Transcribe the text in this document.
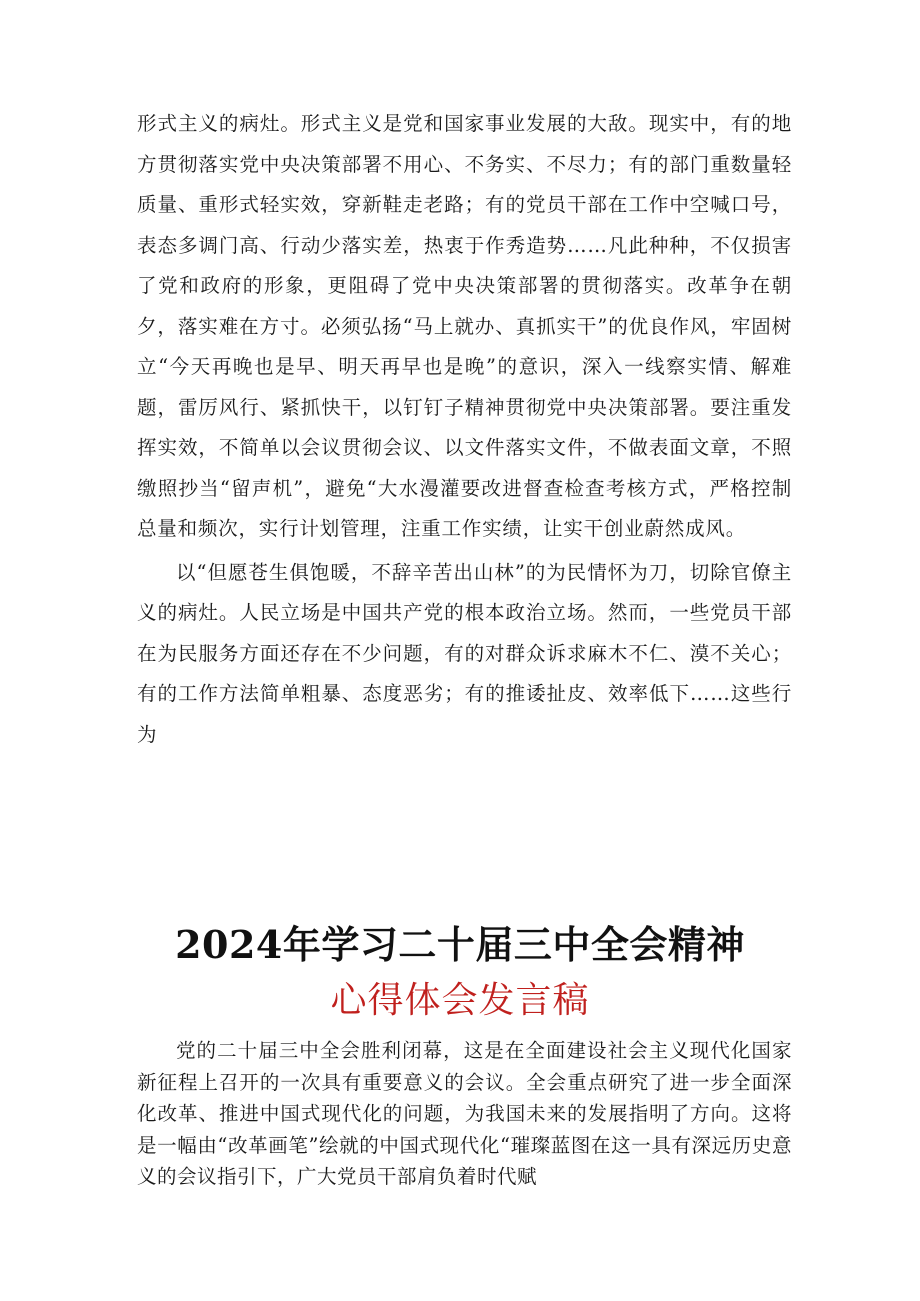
形式主义的病灶。形式主义是党和国家事业发展的大敌。现实中，有的地方贯彻落实党中央决策部署不用心、不务实、不尽力；有的部门重数量轻质量、重形式轻实效，穿新鞋走老路；有的党员干部在工作中空喊口号，表态多调门高、行动少落实差，热衷于作秀造势……凡此种种，不仅损害了党和政府的形象，更阻碍了党中央决策部署的贯彻落实。改革争在朝夕，落实难在方寸。必须弘扬“马上就办、真抓实干”的优良作风，牢固树立“今天再晚也是早、明天再早也是晚”的意识，深入一线察实情、解难题，雷厉风行、紧抓快干，以钉钉子精神贯彻党中央决策部署。要注重发挥实效，不简单以会议贯彻会议、以文件落实文件，不做表面文章，不照缴照抄当“留声机”，避免“大水漫灌要改进督查检查考核方式，严格控制总量和频次，实行计划管理，注重工作实绩，让实干创业蔚然成风。

以“但愿苍生俱饱暖，不辞辛苦出山林”的为民情怀为刀，切除官僚主义的病灶。人民立场是中国共产党的根本政治立场。然而，一些党员干部在为民服务方面还存在不少问题，有的对群众诉求麻木不仁、漠不关心；有的工作方法简单粗暴、态度恶劣；有的推诿扯皮、效率低下……这些行为

2024年学习二十届三中全会精神
心得体会发言稿

党的二十届三中全会胜利闭幕，这是在全面建设社会主义现代化国家新征程上召开的一次具有重要意义的会议。全会重点研究了进一步全面深化改革、推进中国式现代化的问题，为我国未来的发展指明了方向。这将是一幅由“改革画笔”绘就的中国式现代化“璀璨蓝图在这一具有深远历史意义的会议指引下，广大党员干部肩负着时代赋
